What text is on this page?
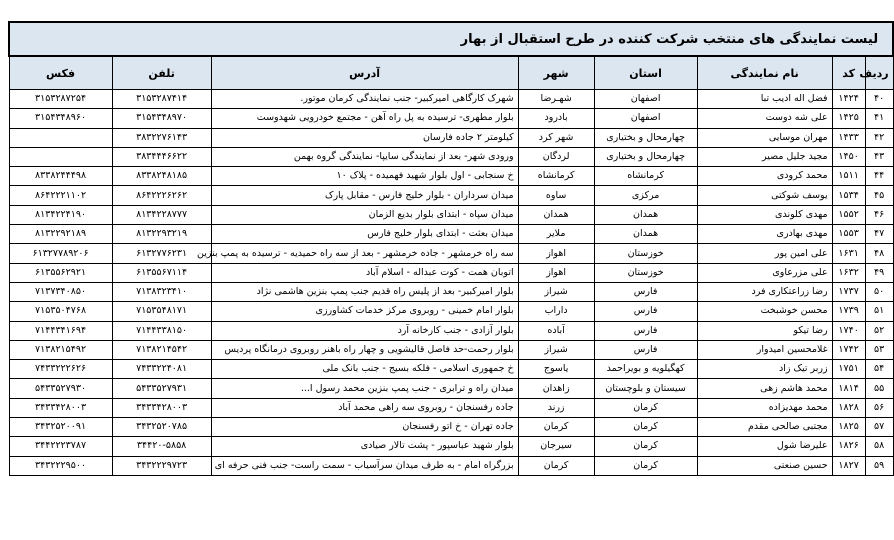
لیست نمایندگی های منتخب شرکت کننده در طرح استقبال از بهار							
ردیف	کد	نام نمایندگی	استان	شهر	آدرس	تلفن	فکس
۴۰	۱۴۲۴	فضل اله ادیب تبا	اصفهان	شهـرضا	شهرک کارگاهی امیرکبیر- جنب نمایندگی کرمان موتور.	۳۱۵۳۲۸۷۴۱۴	۳۱۵۳۲۸۷۲۵۴
۴۱	۱۴۲۵	علی شه دوست	اصفهان	بادرود	بلوار مطهری- ترسیده به پل راه آهن - مجتمع خودرویی شهدوست	۳۱۵۴۳۴۸۹۷۰	۳۱۵۴۳۴۸۹۶۰
۴۲	۱۴۳۳	مهران موسایی	چهارمحال و بختیاری	شهر کرد	کیلومتر ۲ جاده فارسان	۳۸۳۲۲۷۶۱۴۳	
۴۳	۱۴۵۰	مجید جلیل مصیر	چهارمحال و بختیاری	لردگان	ورودی شهر- بعد از نمایندگی سایپا- نمایندگی گروه بهمن	۳۸۳۴۴۴۶۶۲۲	
۴۴	۱۵۱۱	محمد کرودی	کرمانشاه	کرمانشاه	خ سنجابی - اول بلوار شهید فهمیده - پلاک ۱۰	۸۳۳۸۲۴۸۱۸۵	۸۳۳۸۲۴۴۴۹۸
۴۵	۱۵۳۴	یوسف شوکتی	مرکزی	ساوه	میدان سرداران - بلوار خلیج فارس - مقابل پارک	۸۶۴۲۲۲۶۲۶۲	۸۶۴۲۲۲۱۱۰۲
۴۶	۱۵۵۲	مهدی کلوندی	همدان	همدان	میدان سپاه - ابتدای بلوار بدیع الزمان	۸۱۳۴۲۲۸۷۷۷	۸۱۳۴۲۲۴۱۹۰
۴۷	۱۵۵۳	مهدی بهادری	همدان	ملایر	میدان بعثت - ابتدای بلوار خلیج فارس	۸۱۳۲۲۹۳۲۱۹	۸۱۳۲۲۹۲۱۸۹
۴۸	۱۶۳۱	علی امین پور	خوزستان	اهواز	سه راه خرمشهر - جاده خرمشهر - بعد از سه راه حمیدیه - ترسیده به پمپ بنزین	۶۱۳۲۷۷۶۲۳۱	۶۱۳۲۷۷۸۹۲۰۶
۴۹	۱۶۳۲	علی مزرعاوی	خوزستان	اهواز	اتوبان همت - کوت عبداله - اسلام آباد	۶۱۳۵۵۶۷۱۱۴	۶۱۳۵۵۶۲۹۲۱
۵۰	۱۷۳۷	رضا زراعتکاری فرد	فارس	شیراز	بلوار امیرکبیر- بعد از پلیس راه قدیم جنب پمپ بنزین هاشمی نژاد	۷۱۳۸۳۲۳۴۱۰	۷۱۳۷۳۴۰۸۵۰
۵۱	۱۷۳۹	محسن خوشبخت	فارس	داراب	بلوار امام خمینی - روبروی مرکز خدمات کشاورزی	۷۱۵۳۵۴۸۱۷۱	۷۱۵۳۵۰۴۷۶۸
۵۲	۱۷۴۰	رضا تیکو	فارس	آباده	بلوار آزادی - جنب کارخانه آرد	۷۱۴۴۳۳۸۱۵۰	۷۱۴۴۳۴۱۶۹۴
۵۳	۱۷۴۲	غلامحسین امیدوار	فارس	شیراز	بلوار رحمت-حد فاصل قالیشویی و چهار راه باهنر روبروی درمانگاه پردیس	۷۱۳۸۲۱۴۵۴۲	۷۱۳۸۲۱۵۴۹۲
۵۴	۱۷۵۱	زربر تیک زاد	کهگیلویه و بویراحمد	یاسوج	خ جمهوری اسلامی - فلکه بسیج - جنب بانک ملی	۷۴۳۳۲۲۴۰۸۱	۷۴۳۳۲۲۲۶۲۶
۵۵	۱۸۱۴	محمد هاشم زهی	سیستان و بلوچستان	زاهدان	میدان راه و ترابری - جنب پمپ بنزین محمد رسول ا...	۵۴۳۳۵۲۷۹۳۱	۵۴۳۳۵۲۷۹۳۰
۵۶	۱۸۲۸	محمد مهدیزاده	کرمان	زرند	جاده رفسنجان - روبروی سه راهی محمد آباد	۳۴۳۳۴۲۸۰۰۳	۳۴۳۳۴۲۸۰۰۳
۵۷	۱۸۲۵	مجتبی صالحی مقدم	کرمان	کرمان	جاده تهران - خ اتو رفسنجان	۳۴۳۲۵۲۰۷۸۵	۳۴۳۲۵۲۰۰۹۱
۵۸	۱۸۲۶	علیرضا شول	کرمان	سیرجان	بلوار شهید عباسپور - پشت تالار صیادی	۳۴۴۲۰-۵۸۵۸	۳۴۴۲۲۲۳۷۸۷
۵۹	۱۸۲۷	حسین صنعتی	کرمان	کرمان	بزرگراه امام - به طرف میدان سرآسیاب - سمت راست- جنب فنی حرفه ای	۳۴۳۲۲۲۹۷۲۳	۳۴۳۲۲۲۹۵۰۰
